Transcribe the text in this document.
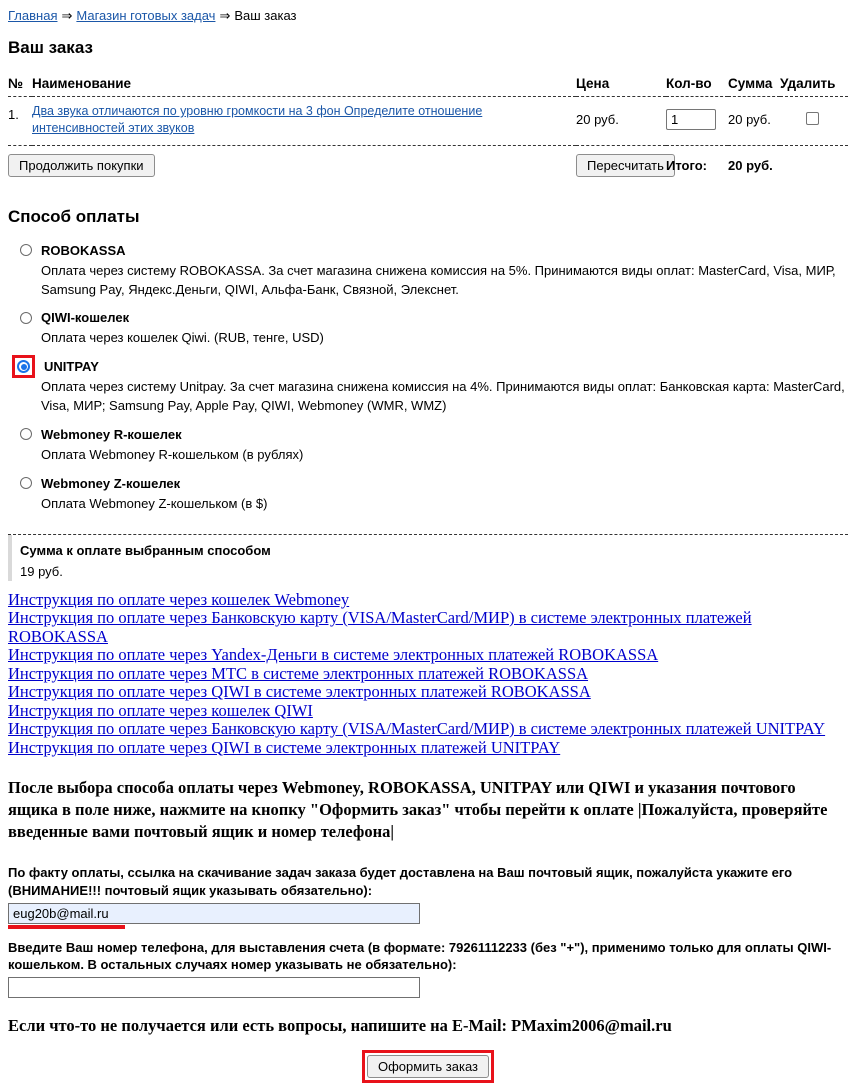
Главная ⇒ Магазин готовых задач ⇒ Ваш заказ
Ваш заказ
№	Наименование	Цена	Кол-во	Сумма	Удалить
1.	Два звука отличаются по уровню громкости на 3 фон Определите отношение интенсивностей этих звуков	20 руб.	1	20 руб.	
Продолжить покупки		Пересчитать	Итого:	20 руб.	
Способ оплаты
ROBOKASSA
Оплата через систему ROBOKASSA. За счет магазина снижена комиссия на 5%. Принимаются виды оплат: MasterCard, Visa, МИР, Samsung Pay, Яндекс.Деньги, QIWI, Альфа-Банк, Связной, Элекснет.
QIWI-кошелек
Оплата через кошелек Qiwi. (RUB, тенге, USD)
UNITPAY
Оплата через систему Unitpay. За счет магазина снижена комиссия на 4%. Принимаются виды оплат: Банковская карта: MasterCard, Visa, МИР; Samsung Pay, Apple Pay, QIWI, Webmoney (WMR, WMZ)
Webmoney R-кошелек
Оплата Webmoney R-кошельком (в рублях)
Webmoney Z-кошелек
Оплата Webmoney Z-кошельком (в $)
Сумма к оплате выбранным способом
19 руб.
Инструкция по оплате через кошелек Webmoney
Инструкция по оплате через Банковскую карту (VISA/MasterCard/МИР) в системе электронных платежей ROBOKASSA
Инструкция по оплате через Yandex-Деньги в системе электронных платежей ROBOKASSA
Инструкция по оплате через МТС в системе электронных платежей ROBOKASSA
Инструкция по оплате через QIWI в системе электронных платежей ROBOKASSA
Инструкция по оплате через кошелек QIWI
Инструкция по оплате через Банковскую карту (VISA/MasterCard/МИР) в системе электронных платежей UNITPAY
Инструкция по оплате через QIWI в системе электронных платежей UNITPAY
После выбора способа оплаты через Webmoney, ROBOKASSA, UNITPAY или QIWI и указания почтового ящика в поле ниже, нажмите на кнопку "Оформить заказ" чтобы перейти к оплате |Пожалуйста, проверяйте введенные вами почтовый ящик и номер телефона|
По факту оплаты, ссылка на скачивание задач заказа будет доставлена на Ваш почтовый ящик, пожалуйста укажите его (ВНИМАНИЕ!!! почтовый ящик указывать обязательно):
eug20b@mail.ru
Введите Ваш номер телефона, для выставления счета (в формате: 79261112233 (без "+"), применимо только для оплаты QIWI-кошельком. В остальных случаях номер указывать не обязательно):
Если что-то не получается или есть вопросы, напишите на E-Mail: PMaxim2006@mail.ru
Оформить заказ
